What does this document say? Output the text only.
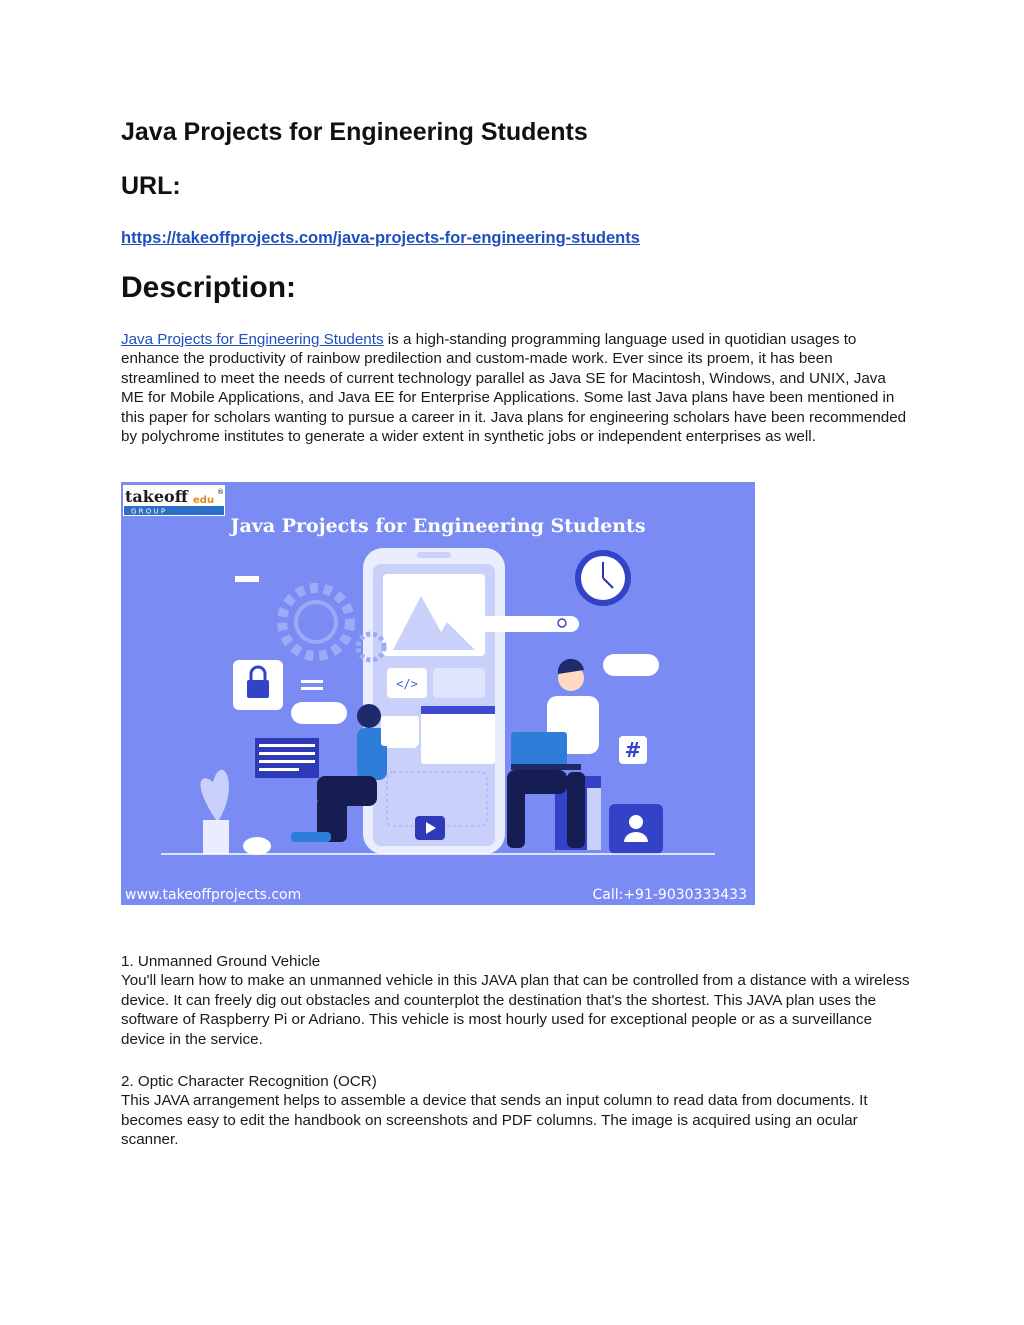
Java Projects for Engineering Students
URL:
https://takeoffprojects.com/java-projects-for-engineering-students
Description:
Java Projects for Engineering Students is a high-standing programming language used in quotidian usages to enhance the productivity of rainbow predilection and custom-made work. Ever since its proem, it has been streamlined to meet the needs of current technology parallel as Java SE for Macintosh, Windows, and UNIX, Java ME for Mobile Applications, and Java EE for Enterprise Applications. Some last Java plans have been mentioned in this paper for scholars wanting to pursue a career in it. Java plans for engineering scholars have been recommended by polychrome institutes to generate a wider extent in synthetic jobs or independent enterprises as well.
takeoff edu
®
G R O U P
Java Projects for Engineering Students
</>
#
www.takeoffprojects.com	Call:+91-9030333433
1. Unmanned Ground Vehicle
You'll learn how to make an unmanned vehicle in this JAVA plan that can be controlled from a distance with a wireless device. It can freely dig out obstacles and counterplot the destination that's the shortest. This JAVA plan uses the software of Raspberry Pi or Adriano. This vehicle is most hourly used for exceptional people or as a surveillance device in the service.
2. Optic Character Recognition (OCR)
This JAVA arrangement helps to assemble a device that sends an input column to read data from documents. It becomes easy to edit the handbook on screenshots and PDF columns. The image is acquired using an ocular scanner.
